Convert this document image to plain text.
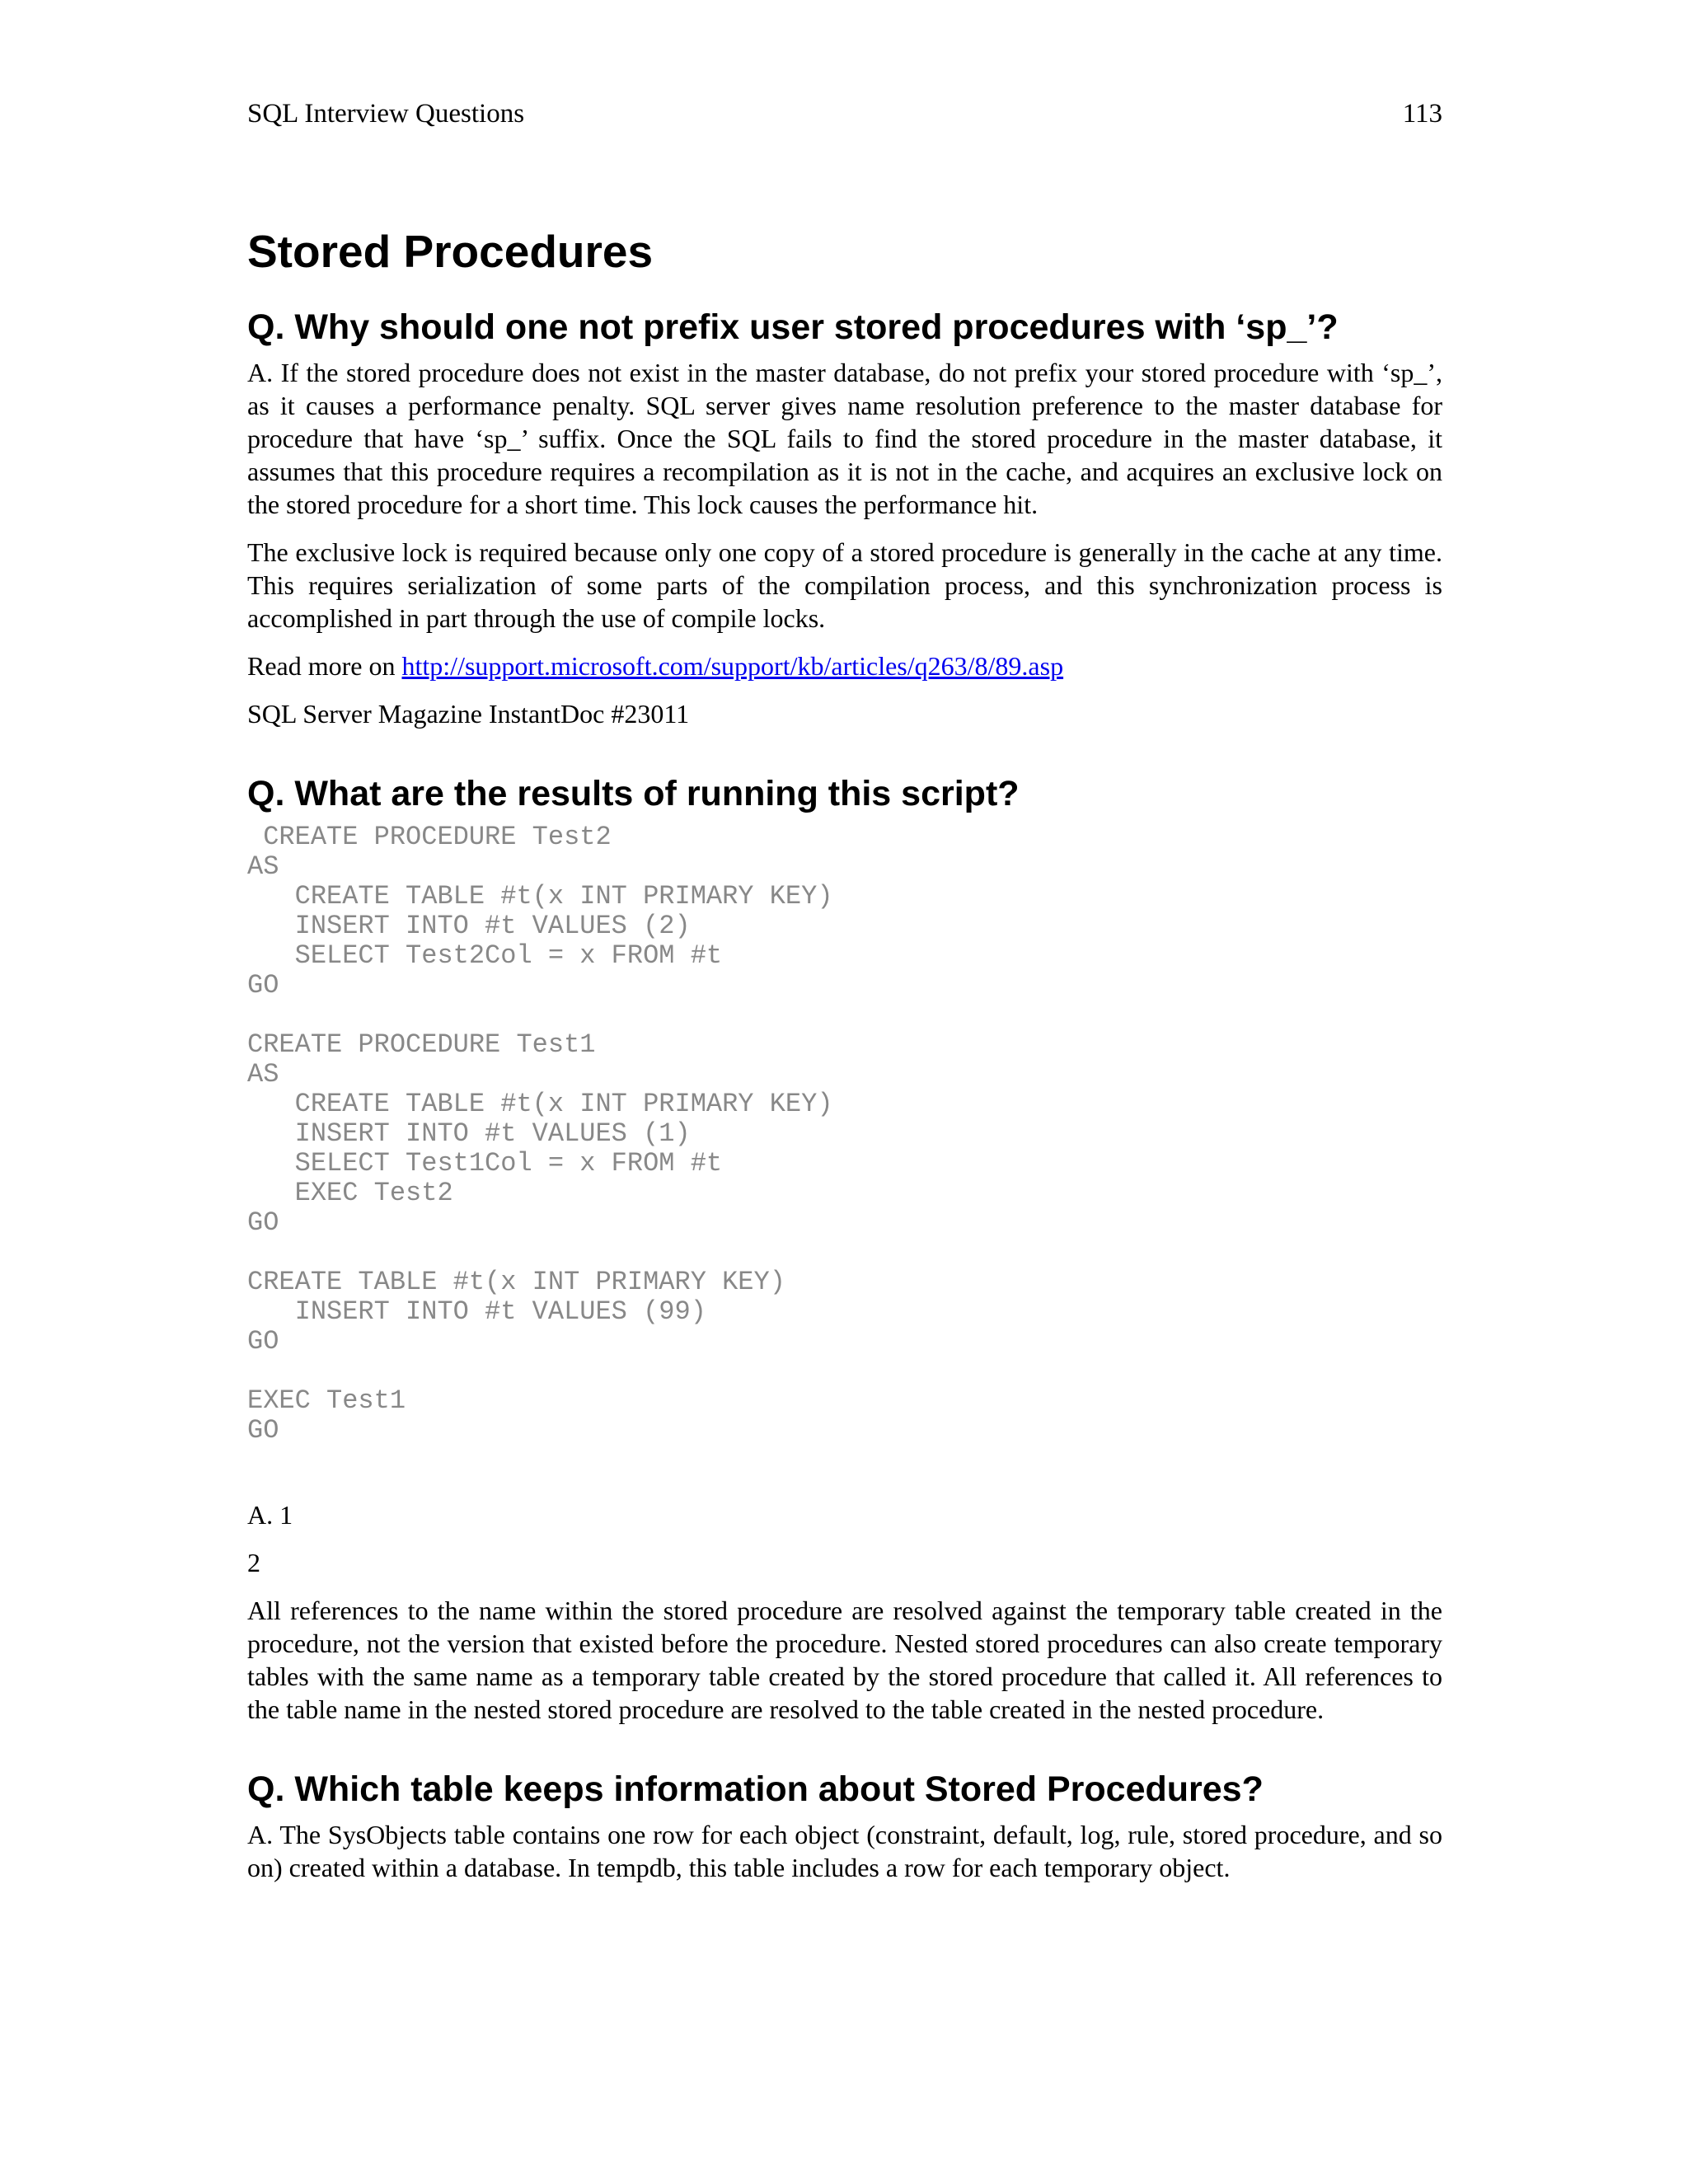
SQL Interview Questions	113
Stored Procedures
Q. Why should one not prefix user stored procedures with ‘sp_’?

A. If the stored procedure does not exist in the master database, do not prefix your stored procedure with ‘sp_’, as it causes a performance penalty. SQL server gives name resolution preference to the master database for procedure that have ‘sp_’ suffix. Once the SQL fails to find the stored procedure in the master database, it assumes that this procedure requires a recompilation as it is not in the cache, and acquires an exclusive lock on the stored procedure for a short time. This lock causes the performance hit.

The exclusive lock is required because only one copy of a stored procedure is generally in the cache at any time. This requires serialization of some parts of the compilation process, and this synchronization process is accomplished in part through the use of compile locks.

Read more on http://support.microsoft.com/support/kb/articles/q263/8/89.asp

SQL Server Magazine InstantDoc #23011

Q. What are the results of running this script?
CREATE PROCEDURE Test2
AS
CREATE TABLE #t(x INT PRIMARY KEY)
INSERT INTO #t VALUES (2)
SELECT Test2Col = x FROM #t
GO

CREATE PROCEDURE Test1
AS
CREATE TABLE #t(x INT PRIMARY KEY)
INSERT INTO #t VALUES (1)
SELECT Test1Col = x FROM #t
EXEC Test2
GO

CREATE TABLE #t(x INT PRIMARY KEY)
INSERT INTO #t VALUES (99)
GO

EXEC Test1
GO

A. 1

2

All references to the name within the stored procedure are resolved against the temporary table created in the procedure, not the version that existed before the procedure. Nested stored procedures can also create temporary tables with the same name as a temporary table created by the stored procedure that called it. All references to the table name in the nested stored procedure are resolved to the table created in the nested procedure.

Q. Which table keeps information about Stored Procedures?

A. The SysObjects table contains one row for each object (constraint, default, log, rule, stored procedure, and so on) created within a database. In tempdb, this table includes a row for each temporary object.
